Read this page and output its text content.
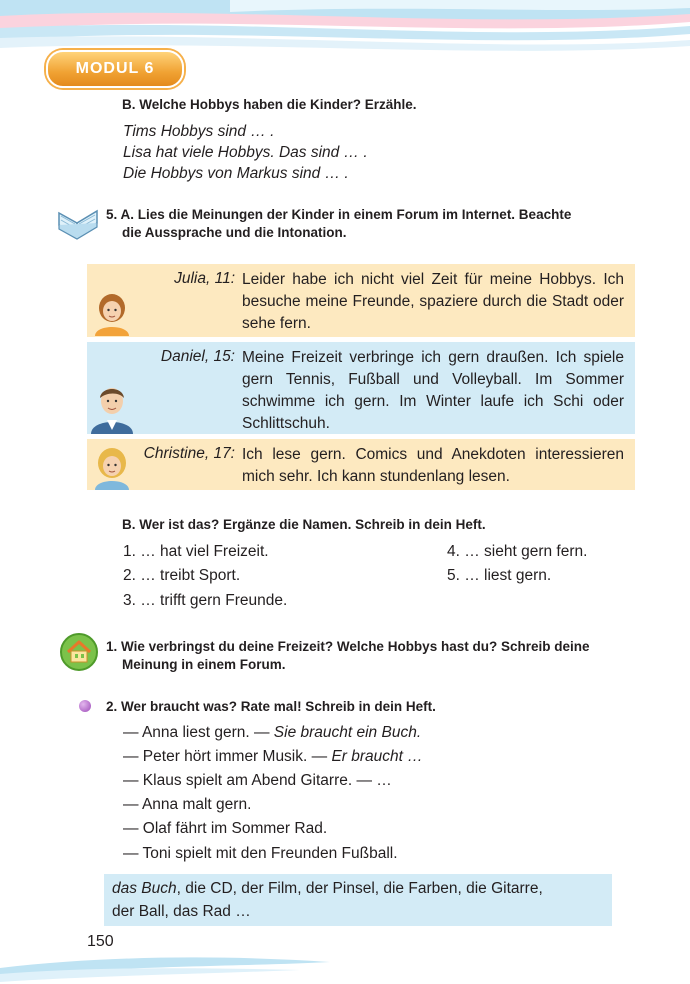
MODUL 6
B. Welche Hobbys haben die Kinder? Erzähle.
Tims Hobbys sind … .
Lisa hat viele Hobbys. Das sind … .
Die Hobbys von Markus sind … .
5. A. Lies die Meinungen der Kinder in einem Forum im Internet. Beachte
die Aussprache und die Intonation.
Julia, 11: Leider habe ich nicht viel Zeit für meine Hobbys. Ich besuche meine Freunde, spaziere durch die Stadt oder sehe fern.
Daniel, 15: Meine Freizeit verbringe ich gern draußen. Ich spiele gern Tennis, Fußball und Volleyball. Im Sommer schwimme ich gern. Im Winter laufe ich Schi oder Schlittschuh.
Christine, 17: Ich lese gern. Comics und Anekdoten interessieren mich sehr. Ich kann stundenlang lesen.
B. Wer ist das? Ergänze die Namen. Schreib in dein Heft.
1. … hat viel Freizeit.
2. … treibt Sport.
3. … trifft gern Freunde.
4. … sieht gern fern.
5. … liest gern.
1. Wie verbringst du deine Freizeit? Welche Hobbys hast du? Schreib deine
Meinung in einem Forum.
2. Wer braucht was? Rate mal! Schreib in dein Heft.
— Anna liest gern. — Sie braucht ein Buch.
— Peter hört immer Musik. — Er braucht …
— Klaus spielt am Abend Gitarre. — …
— Anna malt gern.
— Olaf fährt im Sommer Rad.
— Toni spielt mit den Freunden Fußball.
das Buch, die CD, der Film, der Pinsel, die Farben, die Gitarre,
der Ball, das Rad …
150
